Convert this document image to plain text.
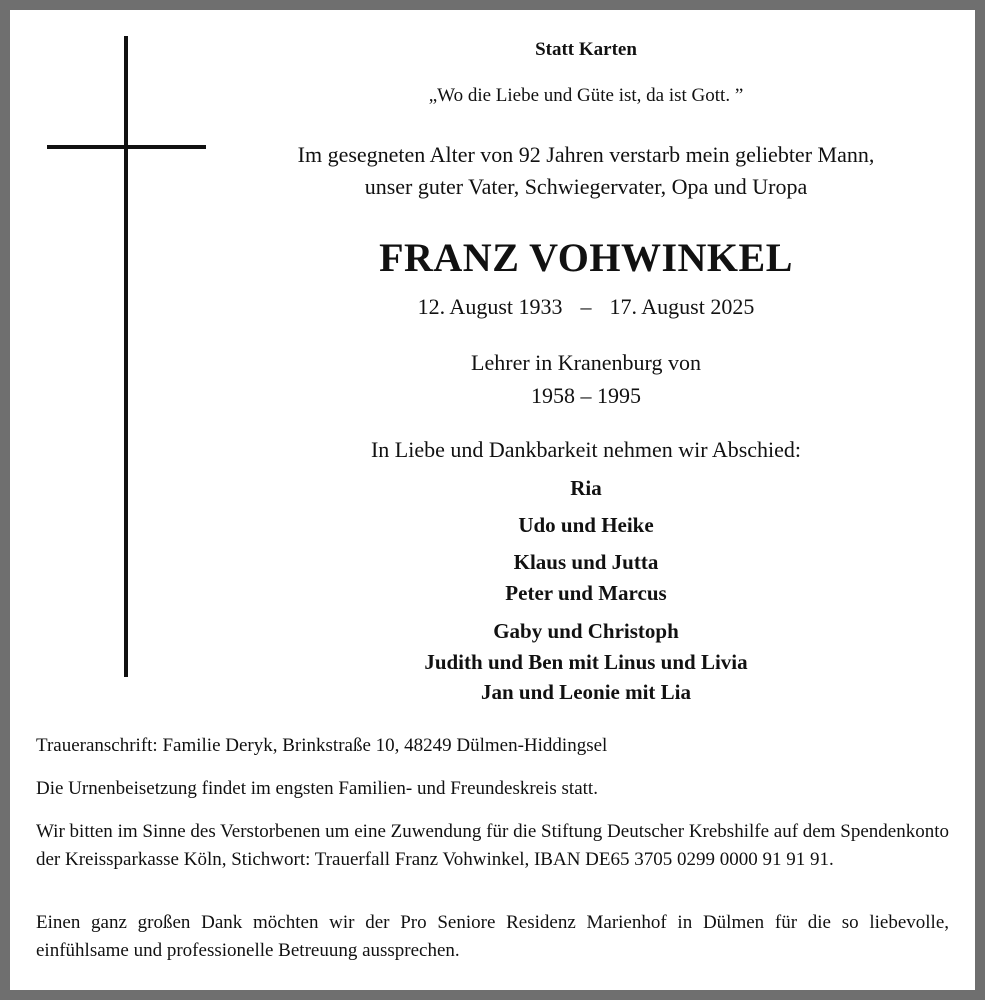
Statt Karten
„Wo die Liebe und Güte ist, da ist Gott. ”
Im gesegneten Alter von 92 Jahren verstarb mein geliebter Mann,
unser guter Vater, Schwiegervater, Opa und Uropa
FRANZ VOHWINKEL
12. August 1933 – 17. August 2025
Lehrer in Kranenburg von
1958 – 1995
In Liebe und Dankbarkeit nehmen wir Abschied:
Ria
Udo und Heike
Klaus und Jutta
Peter und Marcus
Gaby und Christoph
Judith und Ben mit Linus und Livia
Jan und Leonie mit Lia
Traueranschrift: Familie Deryk, Brinkstraße 10, 48249 Dülmen-Hiddingsel
Die Urnenbeisetzung findet im engsten Familien- und Freundeskreis statt.
Wir bitten im Sinne des Verstorbenen um eine Zuwendung für die Stiftung Deutscher Krebshilfe auf dem Spendenkonto der Kreissparkasse Köln, Stichwort: Trauerfall Franz Vohwinkel, IBAN DE65 3705 0299 0000 91 91 91.
Einen ganz großen Dank möchten wir der Pro Seniore Residenz Marienhof in Dülmen für die so liebevolle, einfühlsame und professionelle Betreuung aussprechen.
